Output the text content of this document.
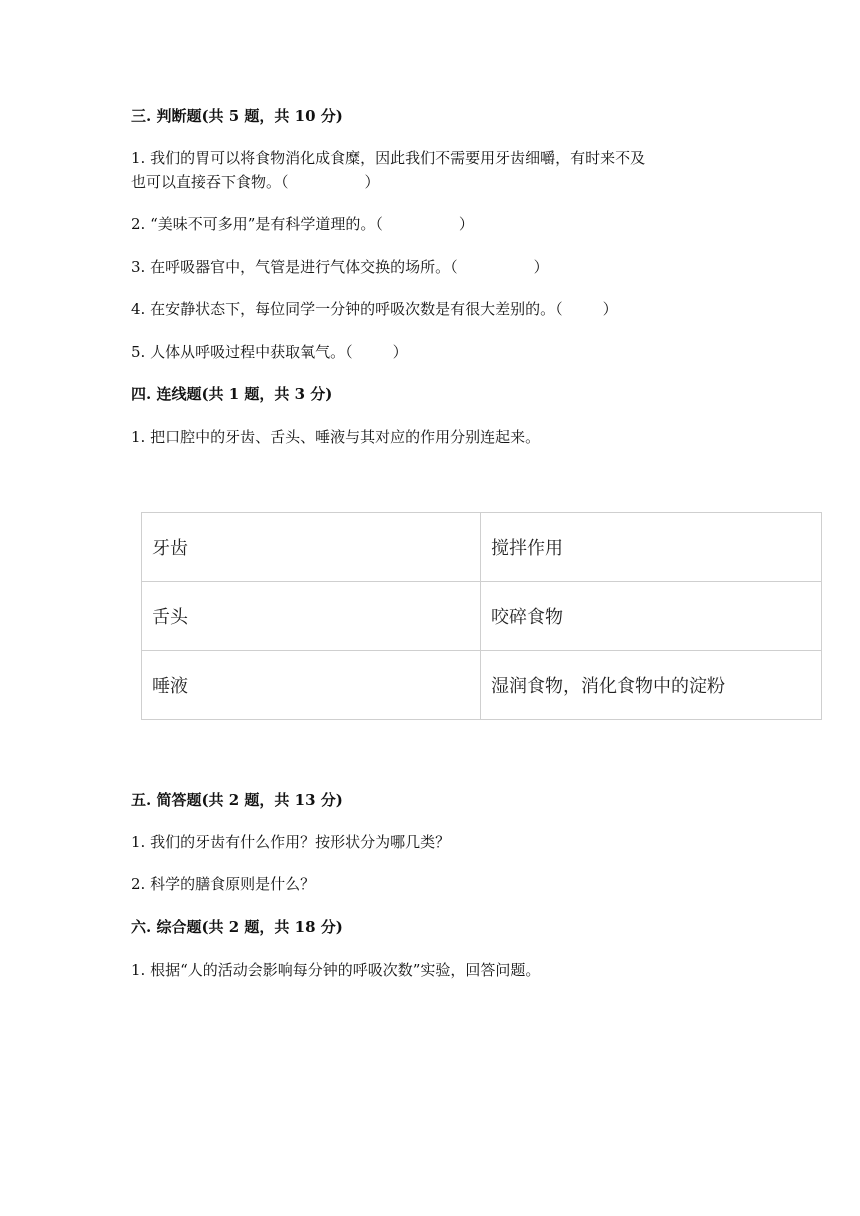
三. 判断题(共 5 题，共 10 分)
1. 我们的胃可以将食物消化成食糜，因此我们不需要用牙齿细嚼，有时来不及
也可以直接吞下食物。（	）
2. “美味不可多用”是有科学道理的。（	）
3. 在呼吸器官中，气管是进行气体交换的场所。（	）
4. 在安静状态下，每位同学一分钟的呼吸次数是有很大差别的。（	）
5. 人体从呼吸过程中获取氧气。（	）
四. 连线题(共 1 题，共 3 分)
1. 把口腔中的牙齿、舌头、唾液与其对应的作用分别连起来。
牙齿	搅拌作用
舌头	咬碎食物
唾液	湿润食物，消化食物中的淀粉
五. 简答题(共 2 题，共 13 分)
1. 我们的牙齿有什么作用？按形状分为哪几类？
2. 科学的膳食原则是什么？
六. 综合题(共 2 题，共 18 分)
1. 根据“人的活动会影响每分钟的呼吸次数”实验，回答问题。
